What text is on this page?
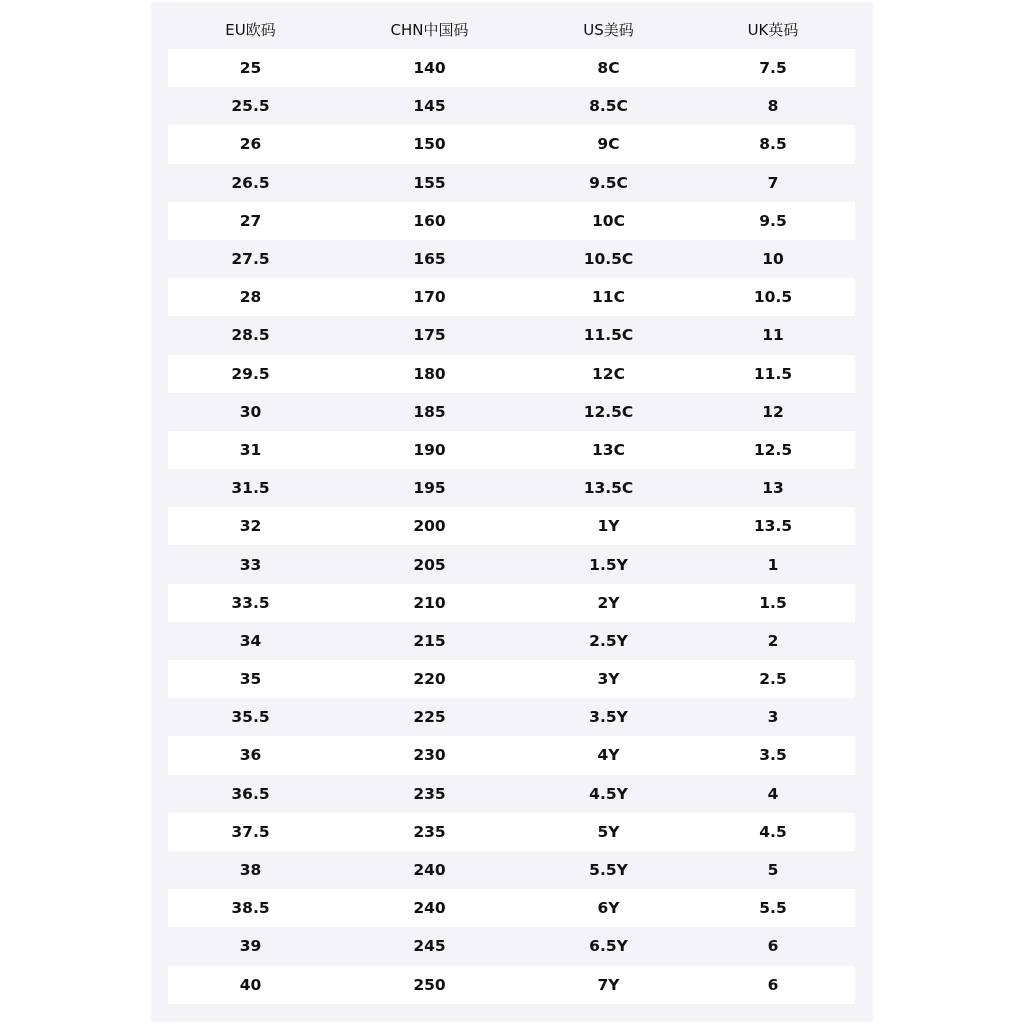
EU欧码	CHN中国码	US美码	UK英码
25	140	8C	7.5
25.5	145	8.5C	8
26	150	9C	8.5
26.5	155	9.5C	7
27	160	10C	9.5
27.5	165	10.5C	10
28	170	11C	10.5
28.5	175	11.5C	11
29.5	180	12C	11.5
30	185	12.5C	12
31	190	13C	12.5
31.5	195	13.5C	13
32	200	1Y	13.5
33	205	1.5Y	1
33.5	210	2Y	1.5
34	215	2.5Y	2
35	220	3Y	2.5
35.5	225	3.5Y	3
36	230	4Y	3.5
36.5	235	4.5Y	4
37.5	235	5Y	4.5
38	240	5.5Y	5
38.5	240	6Y	5.5
39	245	6.5Y	6
40	250	7Y	6
